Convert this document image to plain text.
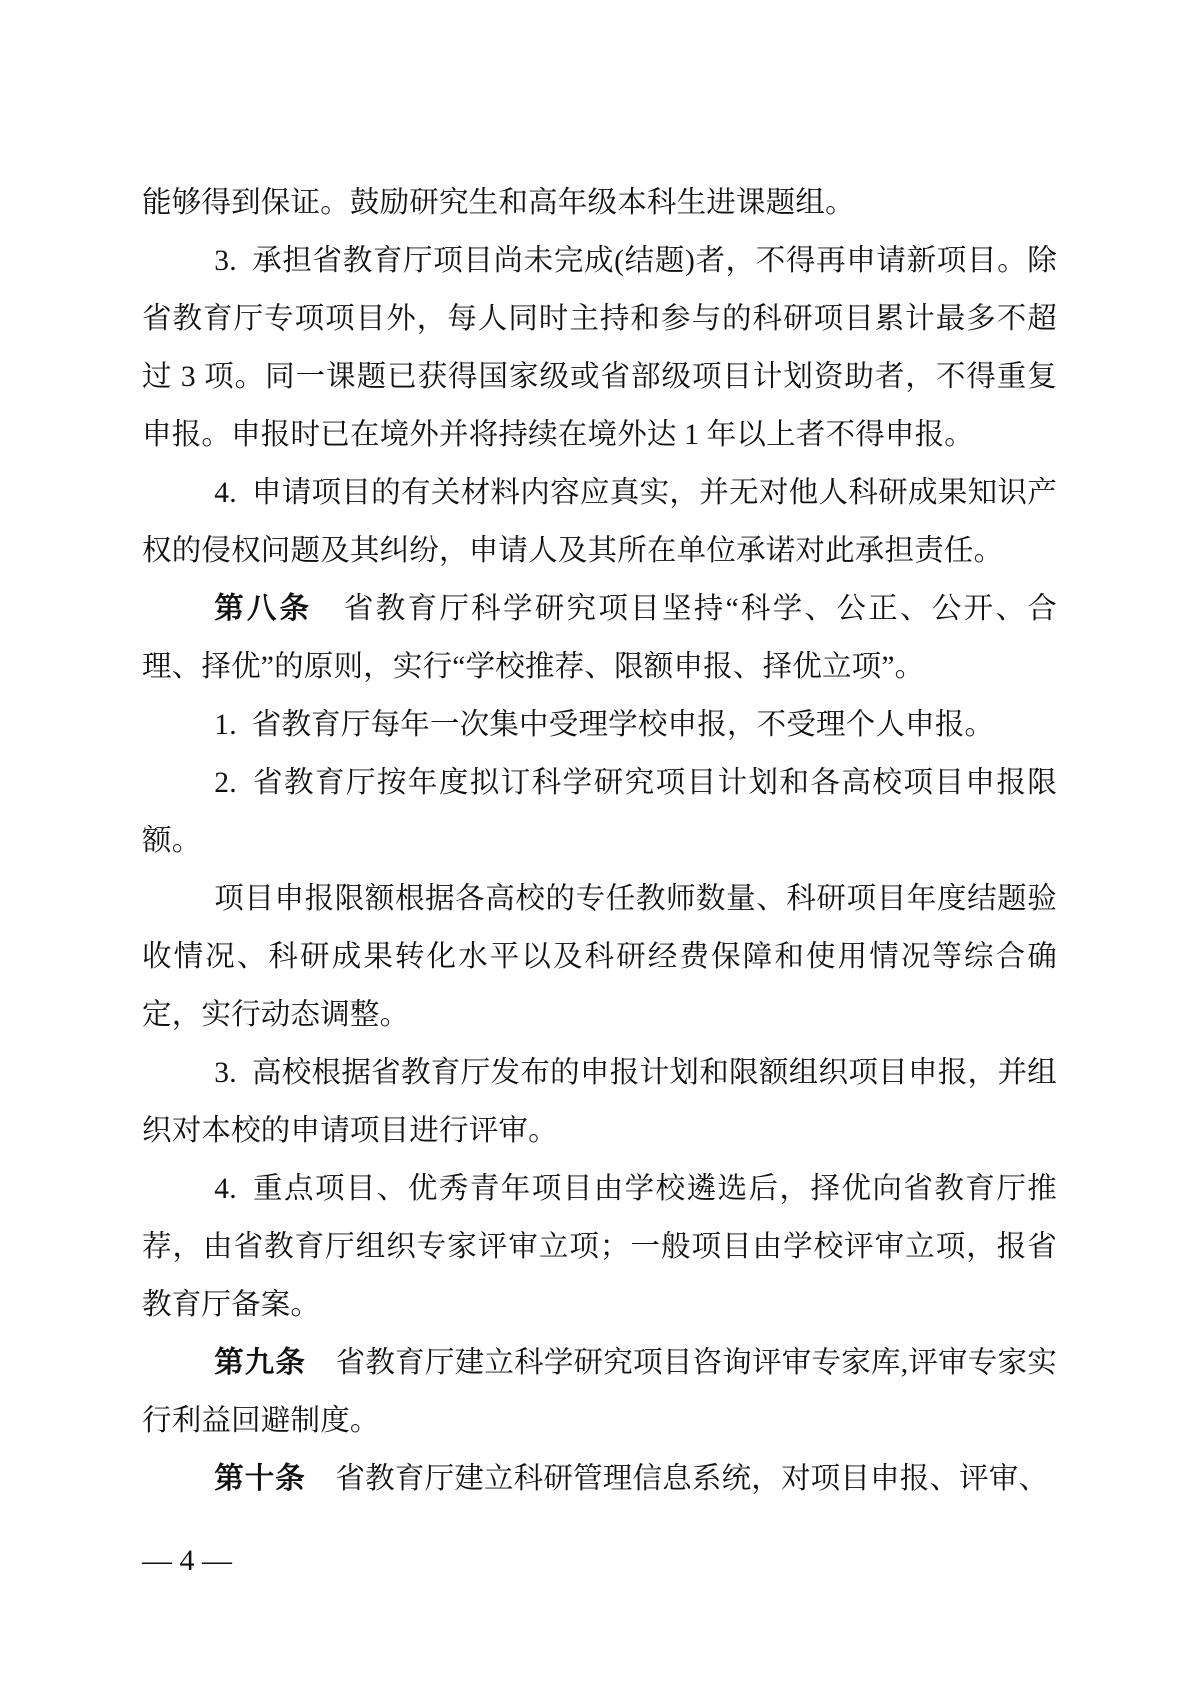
能够得到保证。鼓励研究生和高年级本科生进课题组。

3. 承担省教育厅项目尚未完成(结题)者，不得再申请新项目。除省教育厅专项项目外，每人同时主持和参与的科研项目累计最多不超过 3 项。同一课题已获得国家级或省部级项目计划资助者，不得重复申报。申报时已在境外并将持续在境外达 1 年以上者不得申报。

4. 申请项目的有关材料内容应真实，并无对他人科研成果知识产权的侵权问题及其纠纷，申请人及其所在单位承诺对此承担责任。

第八条　省教育厅科学研究项目坚持“科学、公正、公开、合理、择优”的原则，实行“学校推荐、限额申报、择优立项”。

1. 省教育厅每年一次集中受理学校申报，不受理个人申报。

2. 省教育厅按年度拟订科学研究项目计划和各高校项目申报限额。

项目申报限额根据各高校的专任教师数量、科研项目年度结题验收情况、科研成果转化水平以及科研经费保障和使用情况等综合确定，实行动态调整。

3. 高校根据省教育厅发布的申报计划和限额组织项目申报，并组织对本校的申请项目进行评审。

4. 重点项目、优秀青年项目由学校遴选后，择优向省教育厅推荐，由省教育厅组织专家评审立项；一般项目由学校评审立项，报省教育厅备案。

第九条　省教育厅建立科学研究项目咨询评审专家库,评审专家实行利益回避制度。

第十条　省教育厅建立科研管理信息系统，对项目申报、评审、

— 4 —
